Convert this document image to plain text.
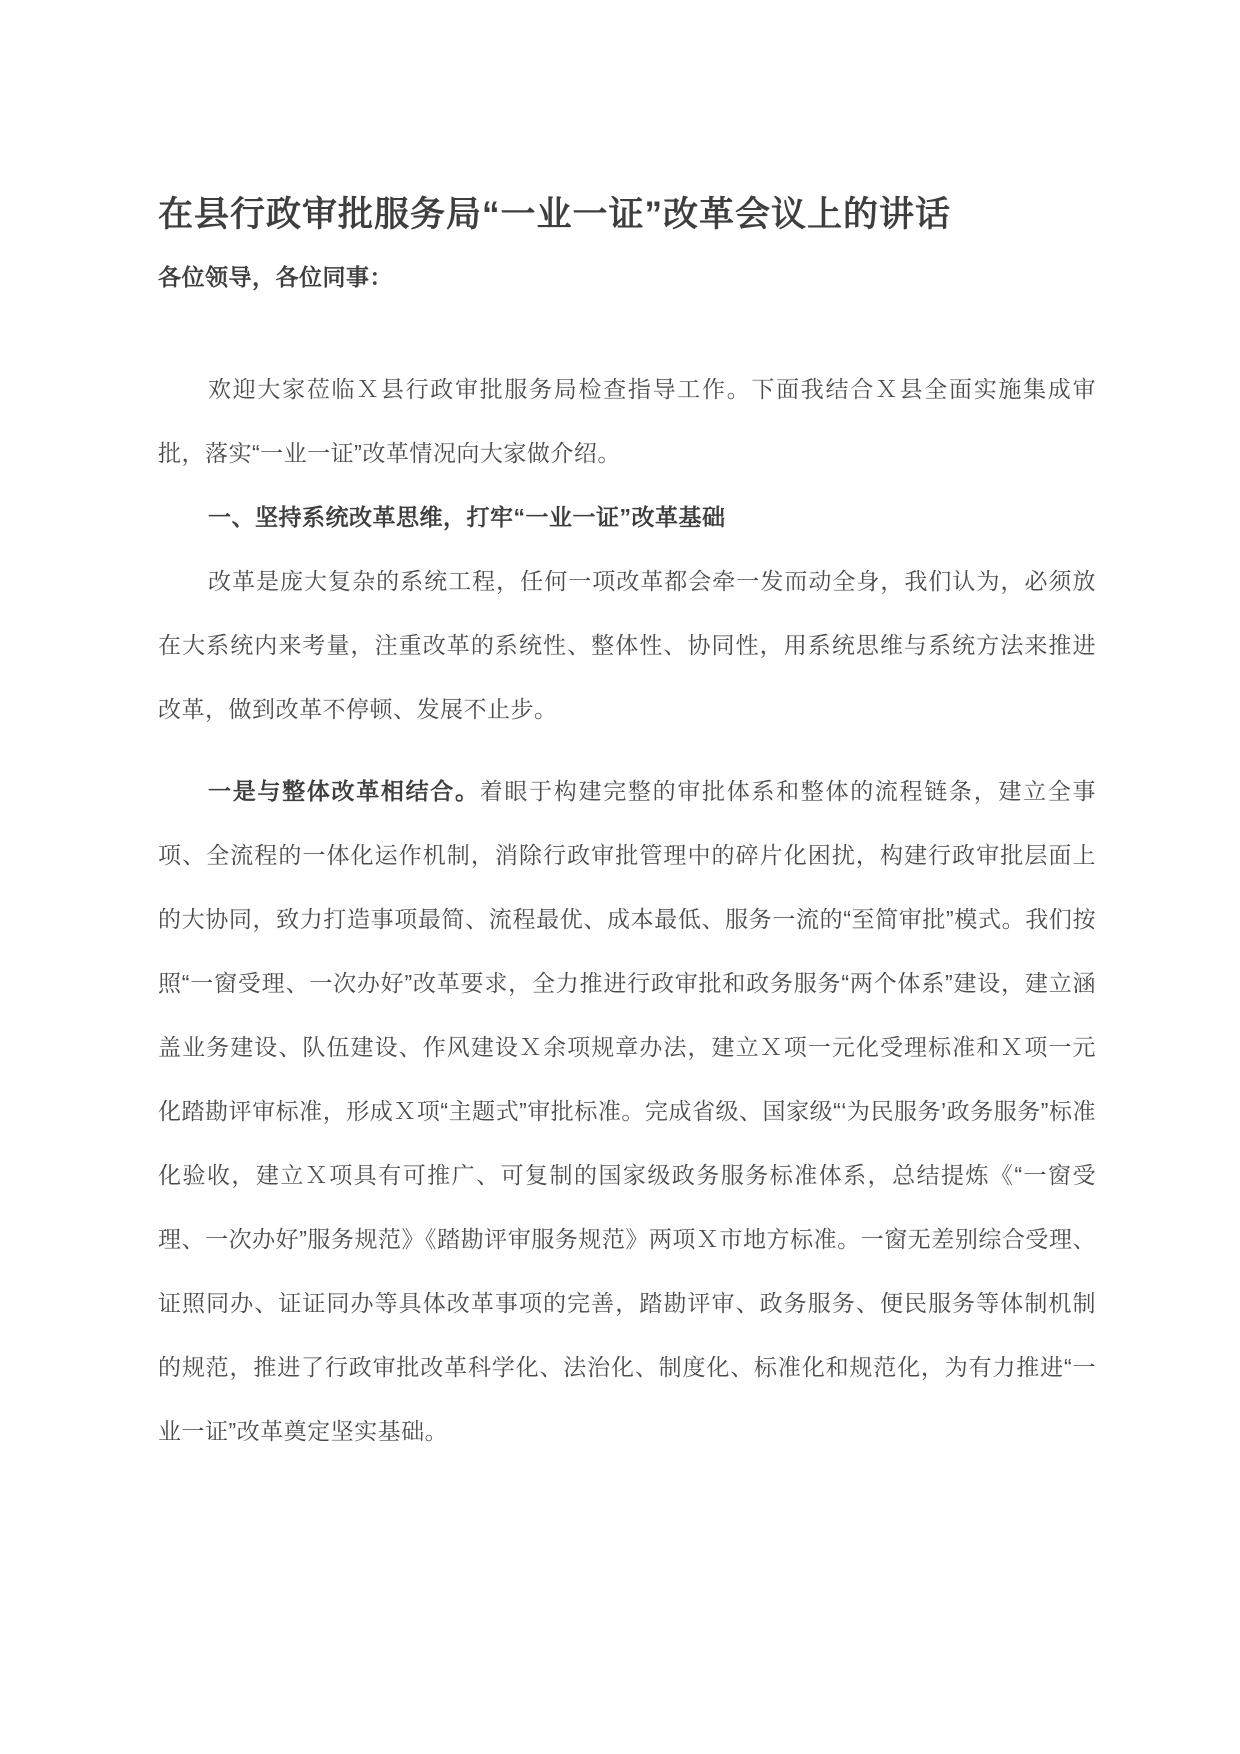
在县行政审批服务局“一业一证”改革会议上的讲话

各位领导，各位同事：

欢迎大家莅临Ｘ县行政审批服务局检查指导工作。下面我结合Ｘ县全面实施集成审批，落实“一业一证”改革情况向大家做介绍。

一、坚持系统改革思维，打牢“一业一证”改革基础

改革是庞大复杂的系统工程，任何一项改革都会牵一发而动全身，我们认为，必须放在大系统内来考量，注重改革的系统性、整体性、协同性，用系统思维与系统方法来推进改革，做到改革不停顿、发展不止步。

一是与整体改革相结合。着眼于构建完整的审批体系和整体的流程链条，建立全事项、全流程的一体化运作机制，消除行政审批管理中的碎片化困扰，构建行政审批层面上的大协同，致力打造事项最简、流程最优、成本最低、服务一流的“至简审批”模式。我们按照“一窗受理、一次办好”改革要求，全力推进行政审批和政务服务“两个体系”建设，建立涵盖业务建设、队伍建设、作风建设Ｘ余项规章办法，建立Ｘ项一元化受理标准和Ｘ项一元化踏勘评审标准，形成Ｘ项“主题式”审批标准。完成省级、国家级“‘为民服务’政务服务”标准化验收，建立Ｘ项具有可推广、可复制的国家级政务服务标准体系，总结提炼《“一窗受理、一次办好”服务规范》《踏勘评审服务规范》两项Ｘ市地方标准。一窗无差别综合受理、证照同办、证证同办等具体改革事项的完善，踏勘评审、政务服务、便民服务等体制机制的规范，推进了行政审批改革科学化、法治化、制度化、标准化和规范化，为有力推进“一业一证”改革奠定坚实基础。
